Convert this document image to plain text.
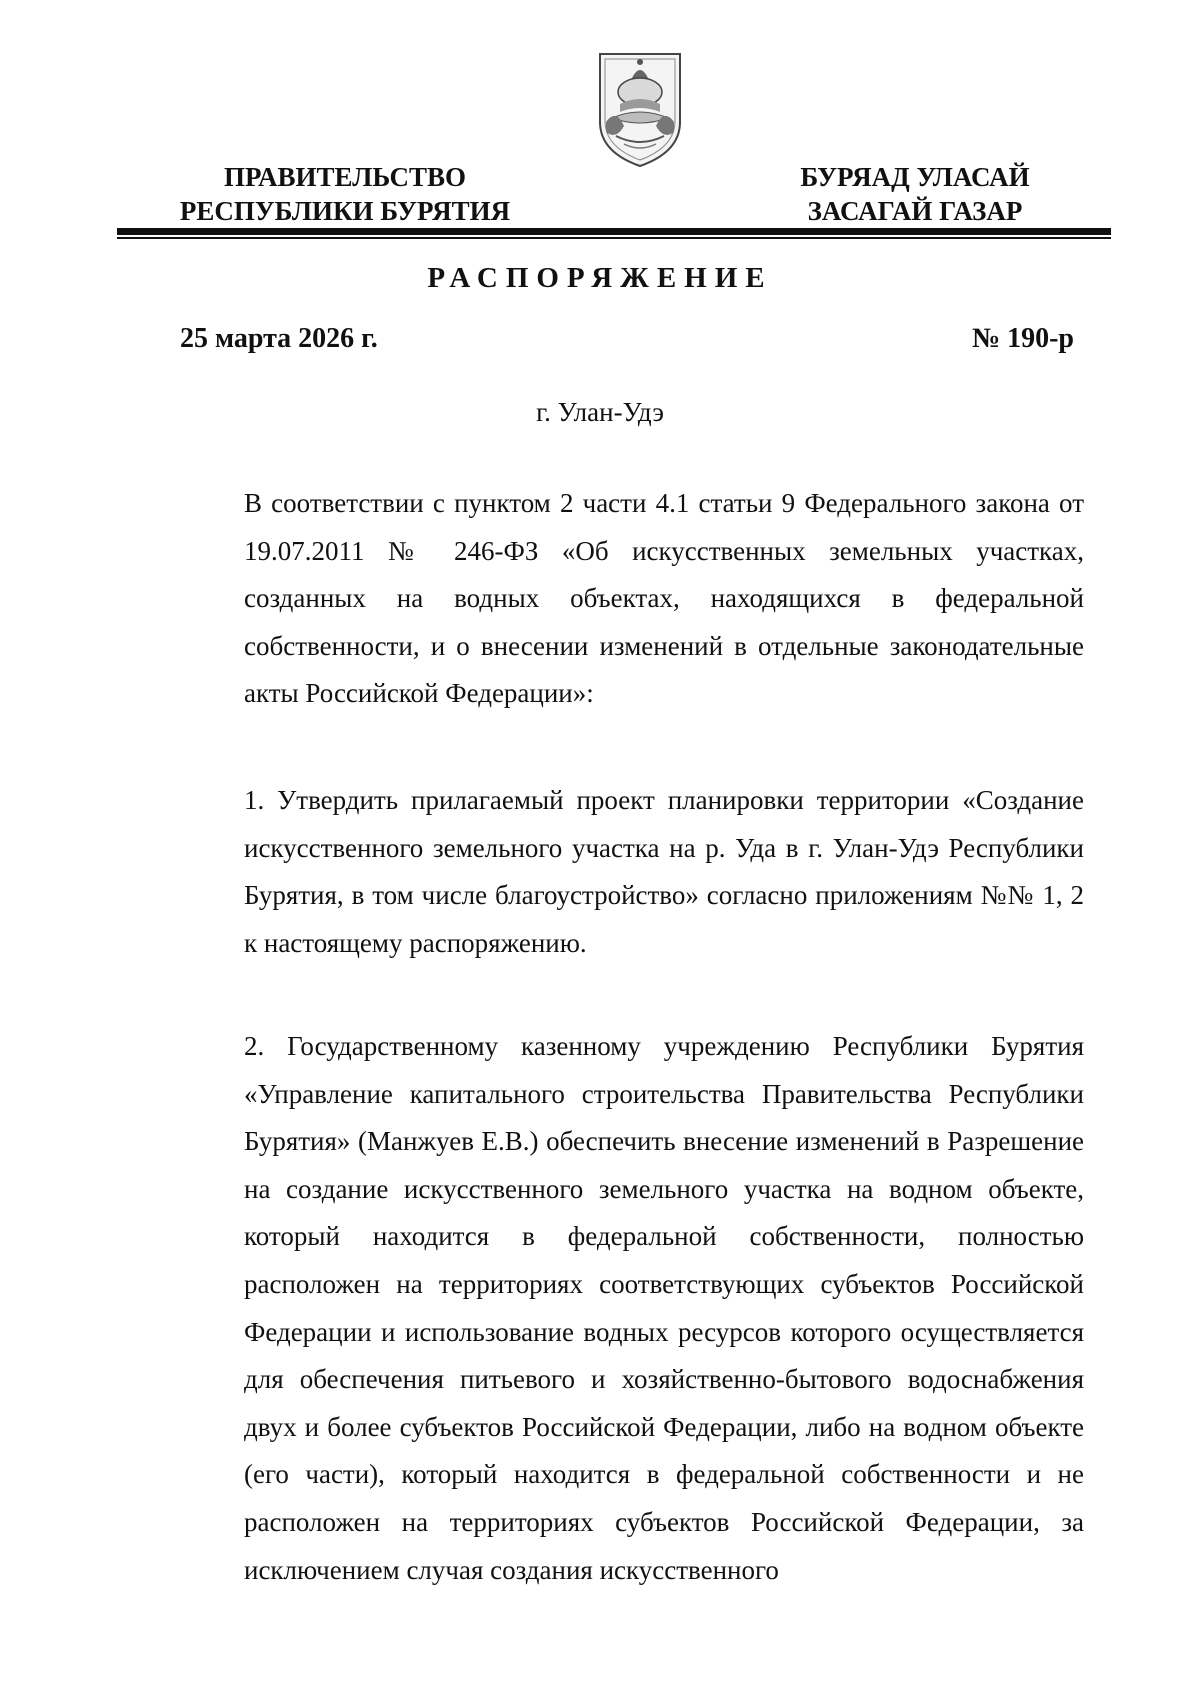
ПРАВИТЕЛЬСТВО
РЕСПУБЛИКИ БУРЯТИЯ
БУРЯАД УЛАСАЙ
ЗАСАГАЙ ГАЗАР
РАСПОРЯЖЕНИЕ
25 марта 2026 г.	№ 190-р
г. Улан-Удэ
В соответствии с пунктом 2 части 4.1 статьи 9 Федерального закона от 19.07.2011 № 246-ФЗ «Об искусственных земельных участках, созданных на водных объектах, находящихся в федеральной собственности, и о внесении изменений в отдельные законодательные акты Российской Федерации»:
1. Утвердить прилагаемый проект планировки территории «Создание искусственного земельного участка на р. Уда в г. Улан-Удэ Республики Бурятия, в том числе благоустройство» согласно приложениям №№ 1, 2 к настоящему распоряжению.
2. Государственному казенному учреждению Республики Бурятия «Управление капитального строительства Правительства Республики Бурятия» (Манжуев Е.В.) обеспечить внесение изменений в Разрешение на создание искусственного земельного участка на водном объекте, который находится в федеральной собственности, полностью расположен на территориях соответствующих субъектов Российской Федерации и использование водных ресурсов которого осуществляется для обеспечения питьевого и хозяйственно-бытового водоснабжения двух и более субъектов Российской Федерации, либо на водном объекте (его части), который находится в федеральной собственности и не расположен на территориях субъектов Российской Федерации, за исключением случая создания искусственного
